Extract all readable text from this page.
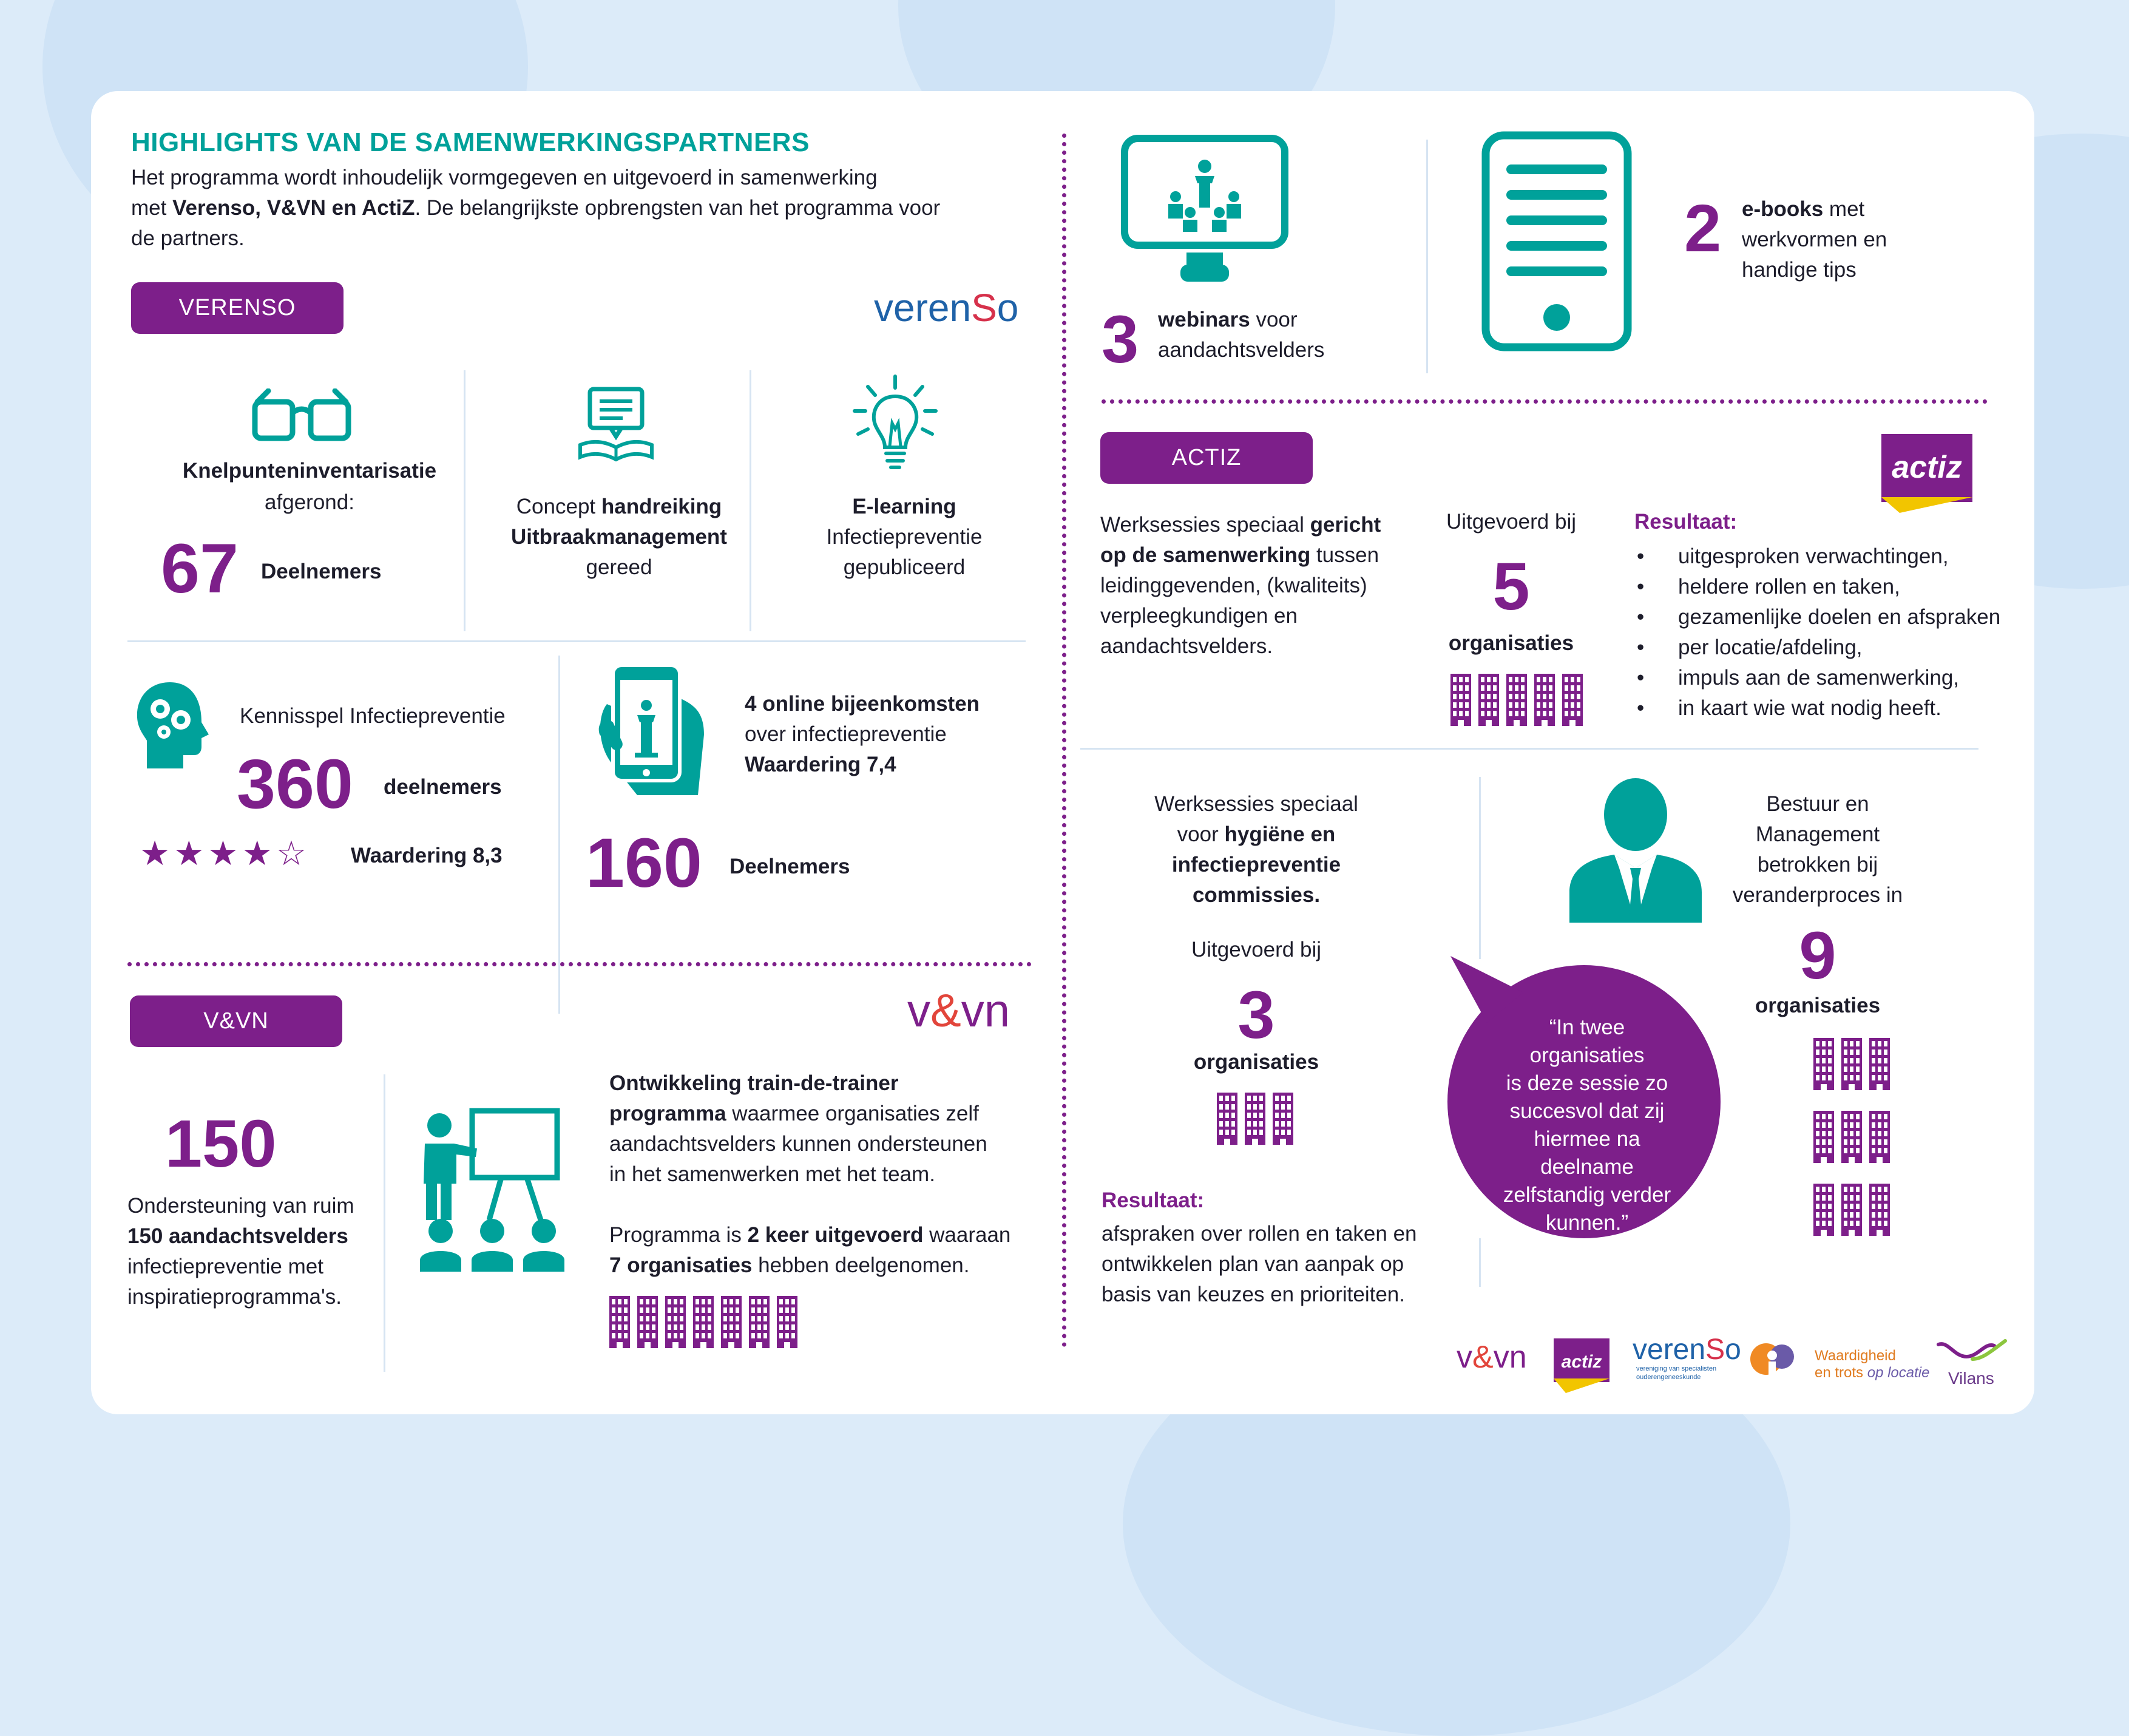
HIGHLIGHTS VAN DE SAMENWERKINGSPARTNERS
Het programma wordt inhoudelijk vormgegeven en uitgevoerd in samenwerking
met Verenso, V&VN en ActiZ. De belangrijkste opbrengsten van het programma voor
de partners.
VERENSO	verenSo
Knelpunteninventarisatie
afgerond:
67 Deelnemers
Concept handreiking
Uitbraakmanagement
gereed
E-learning
Infectiepreventie
gepubliceerd
Kennisspel Infectiepreventie
360 deelnemers
★★★★☆ Waardering 8,3
4 online bijeenkomsten
over infectiepreventie
Waardering 7,4
160 Deelnemers
V&VN	v&vn
150
Ondersteuning van ruim
150 aandachtsvelders
infectiepreventie met
inspiratieprogramma's.
Ontwikkeling train-de-trainer
programma waarmee organisaties zelf
aandachtsvelders kunnen ondersteunen
in het samenwerken met het team.
Programma is 2 keer uitgevoerd waaraan
7 organisaties hebben deelgenomen.
3 webinars voor
aandachtsvelders
2 e-books met
werkvormen en
handige tips
ACTIZ	actiz
Werksessies speciaal gericht
op de samenwerking tussen
leidinggevenden, (kwaliteits)
verpleegkundigen en
aandachtsvelders.
Uitgevoerd bij
5
organisaties
Resultaat:
• uitgesproken verwachtingen,
• heldere rollen en taken,
• gezamenlijke doelen en afspraken
• per locatie/afdeling,
• impuls aan de samenwerking,
• in kaart wie wat nodig heeft.
Werksessies speciaal
voor hygiëne en
infectiepreventie
commissies.
Uitgevoerd bij
3
organisaties
Resultaat:
afspraken over rollen en taken en
ontwikkelen plan van aanpak op
basis van keuzes en prioriteiten.
“In twee
organisaties
is deze sessie zo
succesvol dat zij
hiermee na deelname
zelfstandig verder
kunnen.”
Bestuur en
Management
betrokken bij
veranderproces in
9
organisaties
v&vn actiz verenSo
vereniging van specialisten
ouderengeneeskunde
Waardigheid
en trots op locatie Vilans
